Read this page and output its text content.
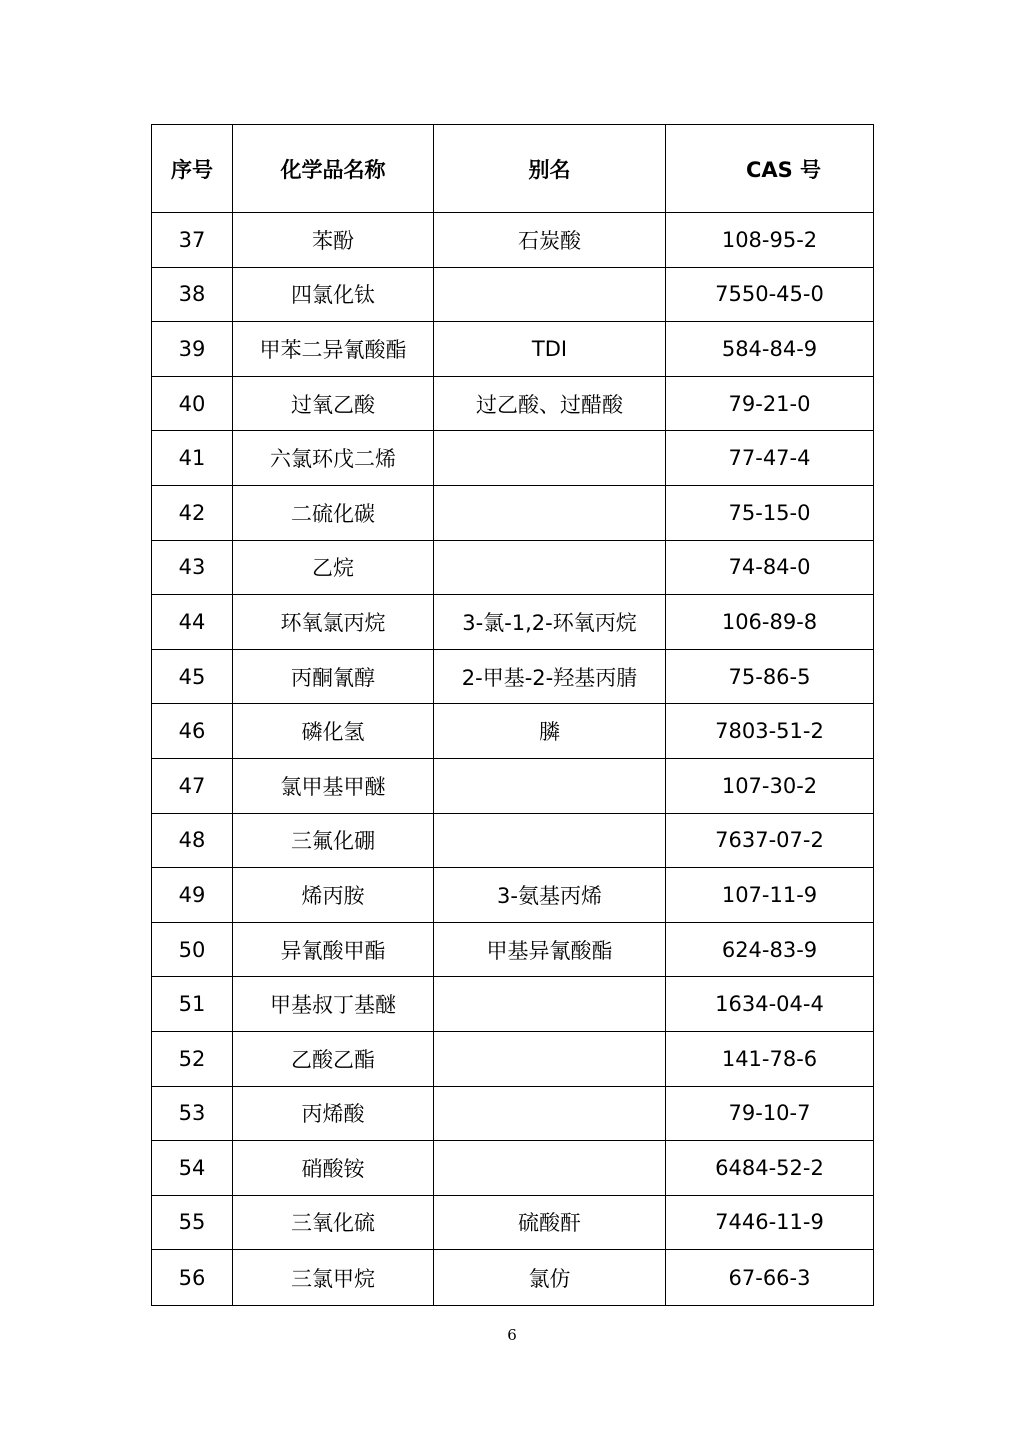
序号	化学品名称	别名	CAS 号
37	苯酚	石炭酸	108-95-2
38	四氯化钛		7550-45-0
39	甲苯二异氰酸酯	TDI	584-84-9
40	过氧乙酸	过乙酸、过醋酸	79-21-0
41	六氯环戊二烯		77-47-4
42	二硫化碳		75-15-0
43	乙烷		74-84-0
44	环氧氯丙烷	3-氯-1,2-环氧丙烷	106-89-8
45	丙酮氰醇	2-甲基-2-羟基丙腈	75-86-5
46	磷化氢	膦	7803-51-2
47	氯甲基甲醚		107-30-2
48	三氟化硼		7637-07-2
49	烯丙胺	3-氨基丙烯	107-11-9
50	异氰酸甲酯	甲基异氰酸酯	624-83-9
51	甲基叔丁基醚		1634-04-4
52	乙酸乙酯		141-78-6
53	丙烯酸		79-10-7
54	硝酸铵		6484-52-2
55	三氧化硫	硫酸酐	7446-11-9
56	三氯甲烷	氯仿	67-66-3
6
